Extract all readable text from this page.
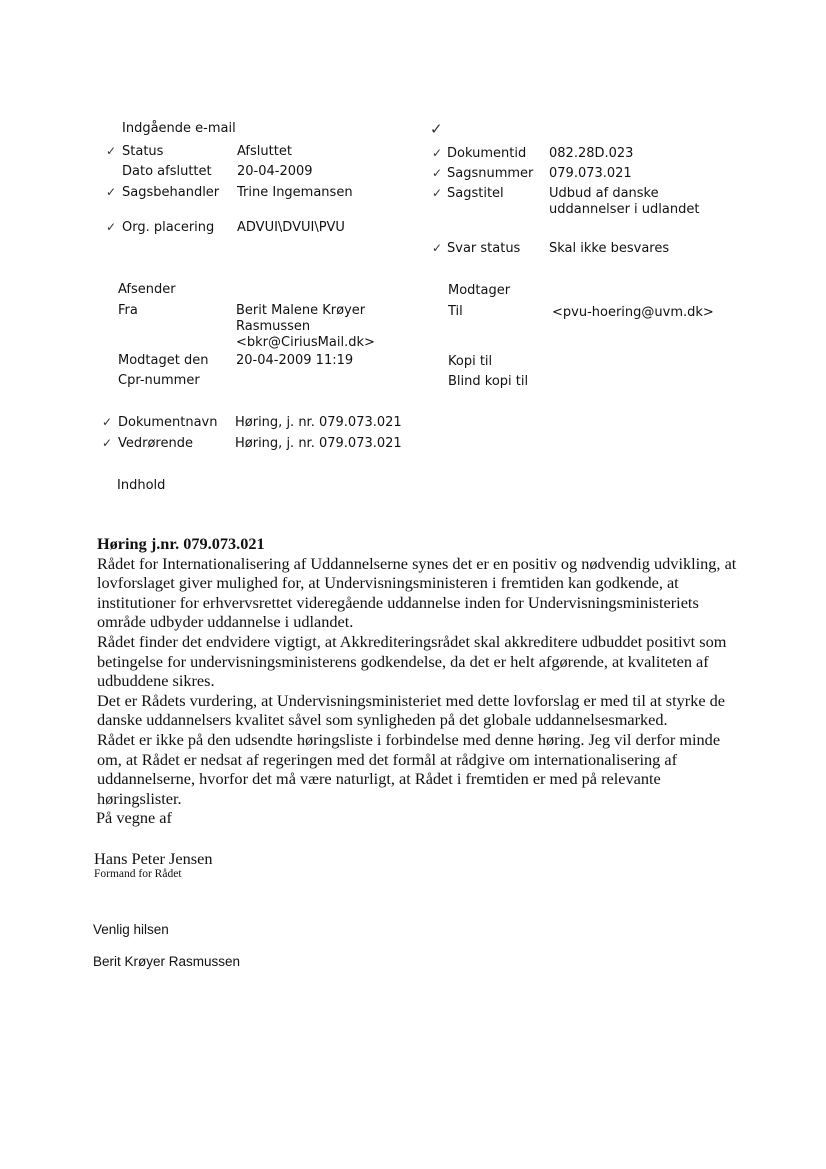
Indgående e-mail	✓
✓ Status	Afsluttet
Dato afsluttet 20-04-2009
✓ Sagsbehandler Trine Ingemansen
✓ Org. placering ADVUI\DVUI\PVU
✓ Dokumentid 082.28D.023
✓ Sagsnummer 079.073.021
✓ Sagstitel	Udbud af danske uddannelser i udlandet
✓ Svar status Skal ikke besvares
Afsender
Fra	Berit Malene Krøyer Rasmussen <bkr@CiriusMail.dk>
Modtaget den 20-04-2009 11:19
Cpr-nummer
Modtager
Til	<pvu-hoering@uvm.dk>
Kopi til
Blind kopi til
✓ Dokumentnavn Høring, j. nr. 079.073.021
✓ Vedrørende	Høring, j. nr. 079.073.021
Indhold

Høring j.nr. 079.073.021

Rådet for Internationalisering af Uddannelserne synes det er en positiv og nødvendig udvikling, at lovforslaget giver mulighed for, at Undervisningsministeren i fremtiden kan godkende, at institutioner for erhvervsrettet videregående uddannelse inden for Undervisningsministeriets område udbyder uddannelse i udlandet.

Rådet finder det endvidere vigtigt, at Akkrediteringsrådet skal akkreditere udbuddet positivt som betingelse for undervisningsministerens godkendelse, da det er helt afgørende, at kvaliteten af udbuddene sikres.

Det er Rådets vurdering, at Undervisningsministeriet med dette lovforslag er med til at styrke de danske uddannelsers kvalitet såvel som synligheden på det globale uddannelsesmarked.

Rådet er ikke på den udsendte høringsliste i forbindelse med denne høring. Jeg vil derfor minde om, at Rådet er nedsat af regeringen med det formål at rådgive om internationalisering af uddannelserne, hvorfor det må være naturligt, at Rådet i fremtiden er med på relevante høringslister.

På vegne af
Hans Peter Jensen
Formand for Rådet
Venlig hilsen
Berit Krøyer Rasmussen
